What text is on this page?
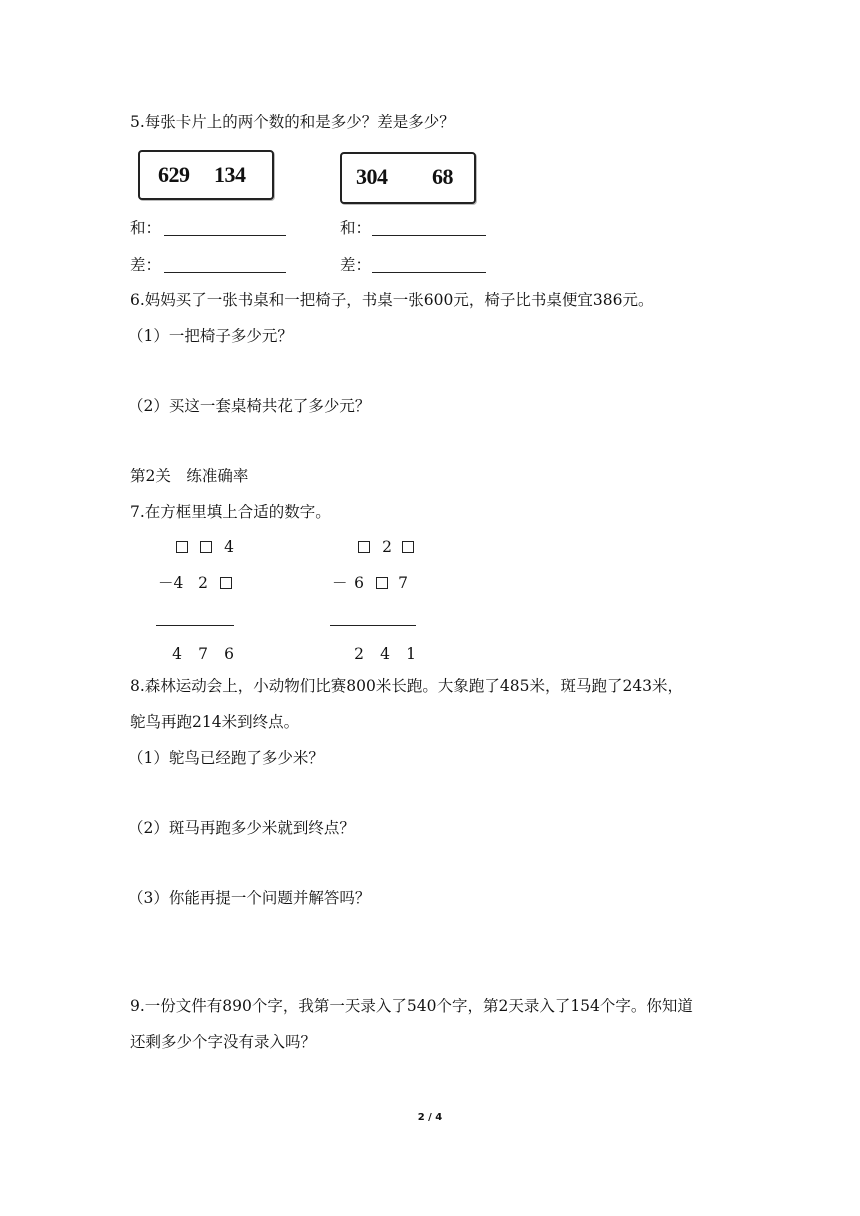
5.每张卡片上的两个数的和是多少？差是多少？
629 134	304 68
和：	和：
差：	差：
6.妈妈买了一张书桌和一把椅子，书桌一张600元，椅子比书桌便宜386元。
（1）一把椅子多少元？
（2）买这一套桌椅共花了多少元？
第2关　练准确率
7.在方框里填上合适的数字。
4
－4 2
4 7 6
2
－ 6 7
2 4 1
8.森林运动会上，小动物们比赛800米长跑。大象跑了485米，斑马跑了243米，
鸵鸟再跑214米到终点。
（1）鸵鸟已经跑了多少米？
（2）斑马再跑多少米就到终点？
（3）你能再提一个问题并解答吗？
9.一份文件有890个字，我第一天录入了540个字，第2天录入了154个字。你知道
还剩多少个字没有录入吗？
2 / 4
